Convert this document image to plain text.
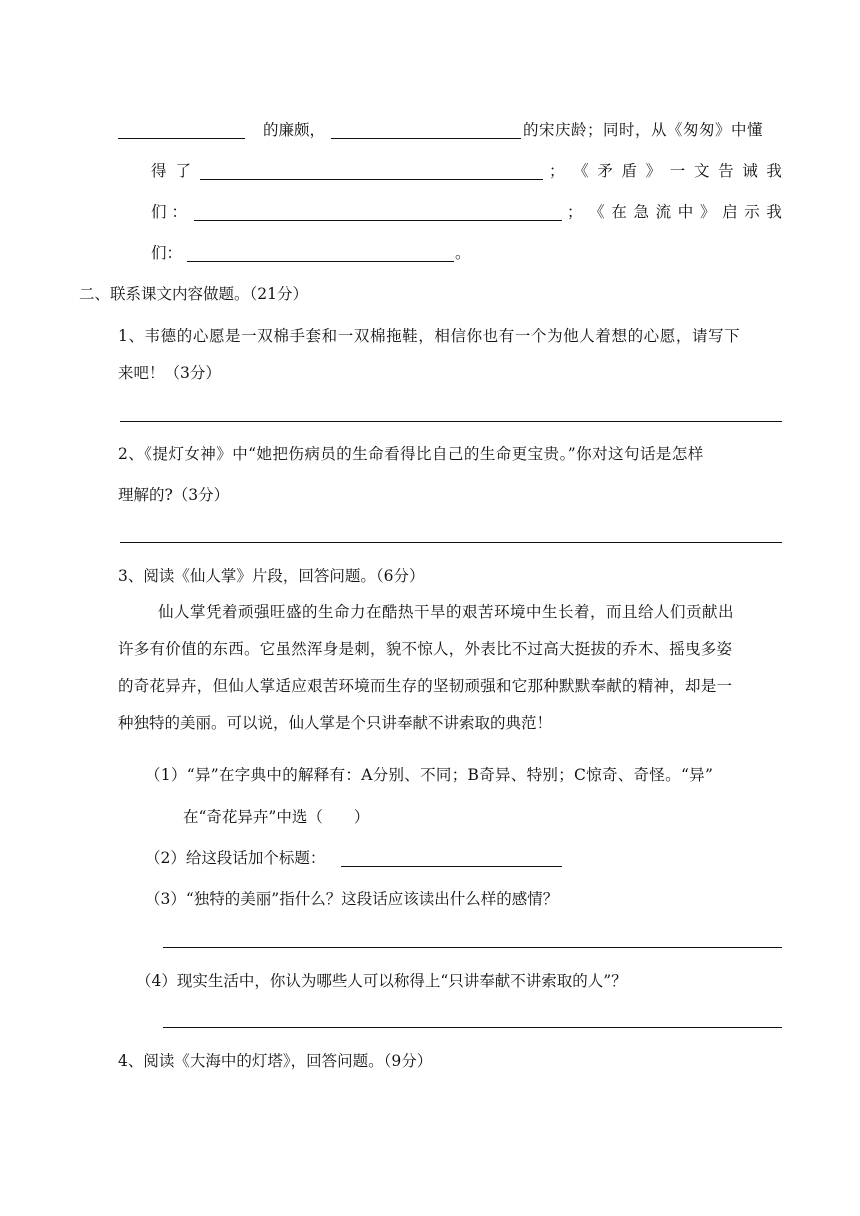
的廉颇，	的宋庆龄；同时，从《匆匆》中懂
得 了	； 《 矛 盾 》 一 文 告 诫 我
们 ：	； 《 在 急 流 中 》 启 示 我
们：	。
二、联系课文内容做题。（21分）
1、韦德的心愿是一双棉手套和一双棉拖鞋，相信你也有一个为他人着想的心愿，请写下
来吧！（3分）
2、《提灯女神》中“她把伤病员的生命看得比自己的生命更宝贵。”你对这句话是怎样
理解的?（3分）
3、阅读《仙人掌》片段，回答问题。（6分）
仙人掌凭着顽强旺盛的生命力在酷热干旱的艰苦环境中生长着，而且给人们贡献出
许多有价值的东西。它虽然浑身是刺，貌不惊人，外表比不过高大挺拔的乔木、摇曳多姿
的奇花异卉，但仙人掌适应艰苦环境而生存的坚韧顽强和它那种默默奉献的精神，却是一
种独特的美丽。可以说，仙人掌是个只讲奉献不讲索取的典范！
（1）“异”在字典中的解释有：A分别、不同；B奇异、特别；C惊奇、奇怪。“异”
在“奇花异卉”中选（　　）
（2）给这段话加个标题：
（3）“独特的美丽”指什么？这段话应该读出什么样的感情？
（4）现实生活中，你认为哪些人可以称得上“只讲奉献不讲索取的人”？
4、阅读《大海中的灯塔》，回答问题。（9分）
